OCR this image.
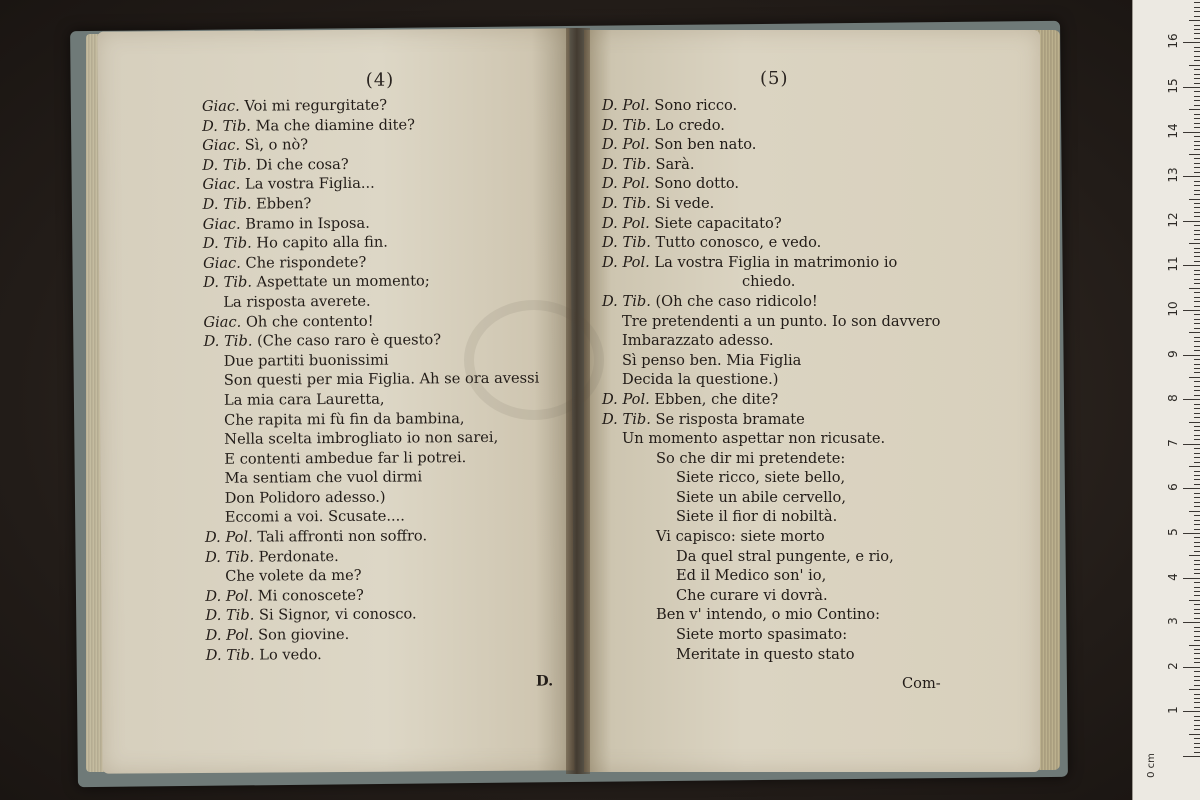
(4)
Giac. Voi mi regurgitate?
D. Tib. Ma che diamine dite?
Giac. Sì, o nò?
D. Tib. Di che cosa?
Giac. La vostra Figlia...
D. Tib. Ebben?
Giac. Bramo in Isposa.
D. Tib. Ho capito alla fin.
Giac. Che rispondete?
D. Tib. Aspettate un momento;
La risposta averete.
Giac. Oh che contento!
D. Tib. (Che caso raro è questo?
Due partiti buonissimi
Son questi per mia Figlia. Ah se ora avessi
La mia cara Lauretta,
Che rapita mi fù fin da bambina,
Nella scelta imbrogliato io non sarei,
E contenti ambedue far li potrei.
Ma sentiam che vuol dirmi
Don Polidoro adesso.)
Eccomi a voi. Scusate....
D. Pol. Tali affronti non soffro.
D. Tib. Perdonate.
Che volete da me?
D. Pol. Mi conoscete?
D. Tib. Si Signor, vi conosco.
D. Pol. Son giovine.
D. Tib. Lo vedo.
D.
(5)
D. Pol. Sono ricco.
D. Tib. Lo credo.
D. Pol. Son ben nato.
D. Tib. Sarà.
D. Pol. Sono dotto.
D. Tib. Si vede.
D. Pol. Siete capacitato?
D. Tib. Tutto conosco, e vedo.
D. Pol. La vostra Figlia in matrimonio io
chiedo.
D. Tib. (Oh che caso ridicolo!
Tre pretendenti a un punto. Io son davvero
Imbarazzato adesso.
Sì penso ben. Mia Figlia
Decida la questione.)
D. Pol. Ebben, che dite?
D. Tib. Se risposta bramate
Un momento aspettar non ricusate.
So che dir mi pretendete:
Siete ricco, siete bello,
Siete un abile cervello,
Siete il fior di nobiltà.
Vi capisco: siete morto
Da quel stral pungente, e rio,
Ed il Medico son' io,
Che curare vi dovrà.
Ben v' intendo, o mio Contino:
Siete morto spasimato:
Meritate in questo stato
Com-
0 cm
1
2
3
4
5
6
7
8
9
10
11
12
13
14
15
16
